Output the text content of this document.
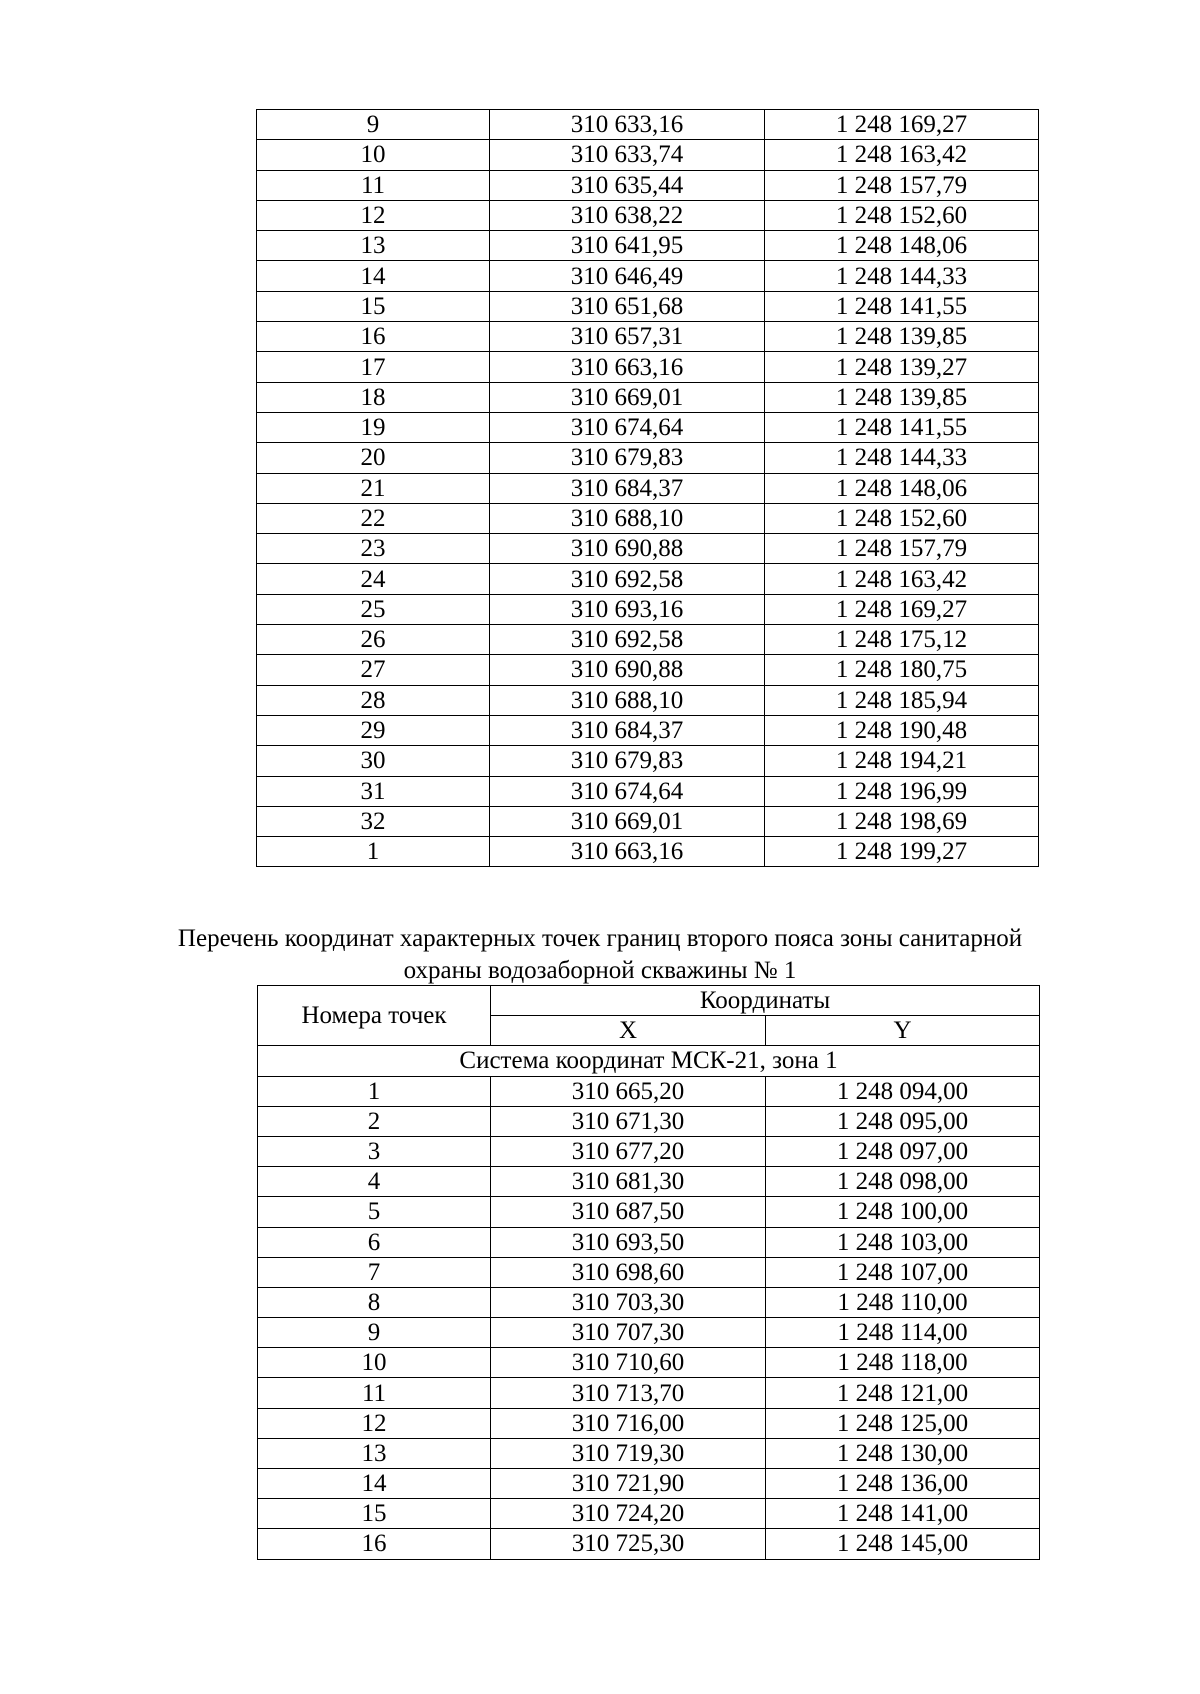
9	310 633,16	1 248 169,27
10	310 633,74	1 248 163,42
11	310 635,44	1 248 157,79
12	310 638,22	1 248 152,60
13	310 641,95	1 248 148,06
14	310 646,49	1 248 144,33
15	310 651,68	1 248 141,55
16	310 657,31	1 248 139,85
17	310 663,16	1 248 139,27
18	310 669,01	1 248 139,85
19	310 674,64	1 248 141,55
20	310 679,83	1 248 144,33
21	310 684,37	1 248 148,06
22	310 688,10	1 248 152,60
23	310 690,88	1 248 157,79
24	310 692,58	1 248 163,42
25	310 693,16	1 248 169,27
26	310 692,58	1 248 175,12
27	310 690,88	1 248 180,75
28	310 688,10	1 248 185,94
29	310 684,37	1 248 190,48
30	310 679,83	1 248 194,21
31	310 674,64	1 248 196,99
32	310 669,01	1 248 198,69
1	310 663,16	1 248 199,27
Перечень координат характерных точек границ второго пояса зоны санитарной
охраны водозаборной скважины № 1
Номера точек	Координаты	
	X	Y
Система координат МСК-21, зона 1		
1	310 665,20	1 248 094,00
2	310 671,30	1 248 095,00
3	310 677,20	1 248 097,00
4	310 681,30	1 248 098,00
5	310 687,50	1 248 100,00
6	310 693,50	1 248 103,00
7	310 698,60	1 248 107,00
8	310 703,30	1 248 110,00
9	310 707,30	1 248 114,00
10	310 710,60	1 248 118,00
11	310 713,70	1 248 121,00
12	310 716,00	1 248 125,00
13	310 719,30	1 248 130,00
14	310 721,90	1 248 136,00
15	310 724,20	1 248 141,00
16	310 725,30	1 248 145,00
